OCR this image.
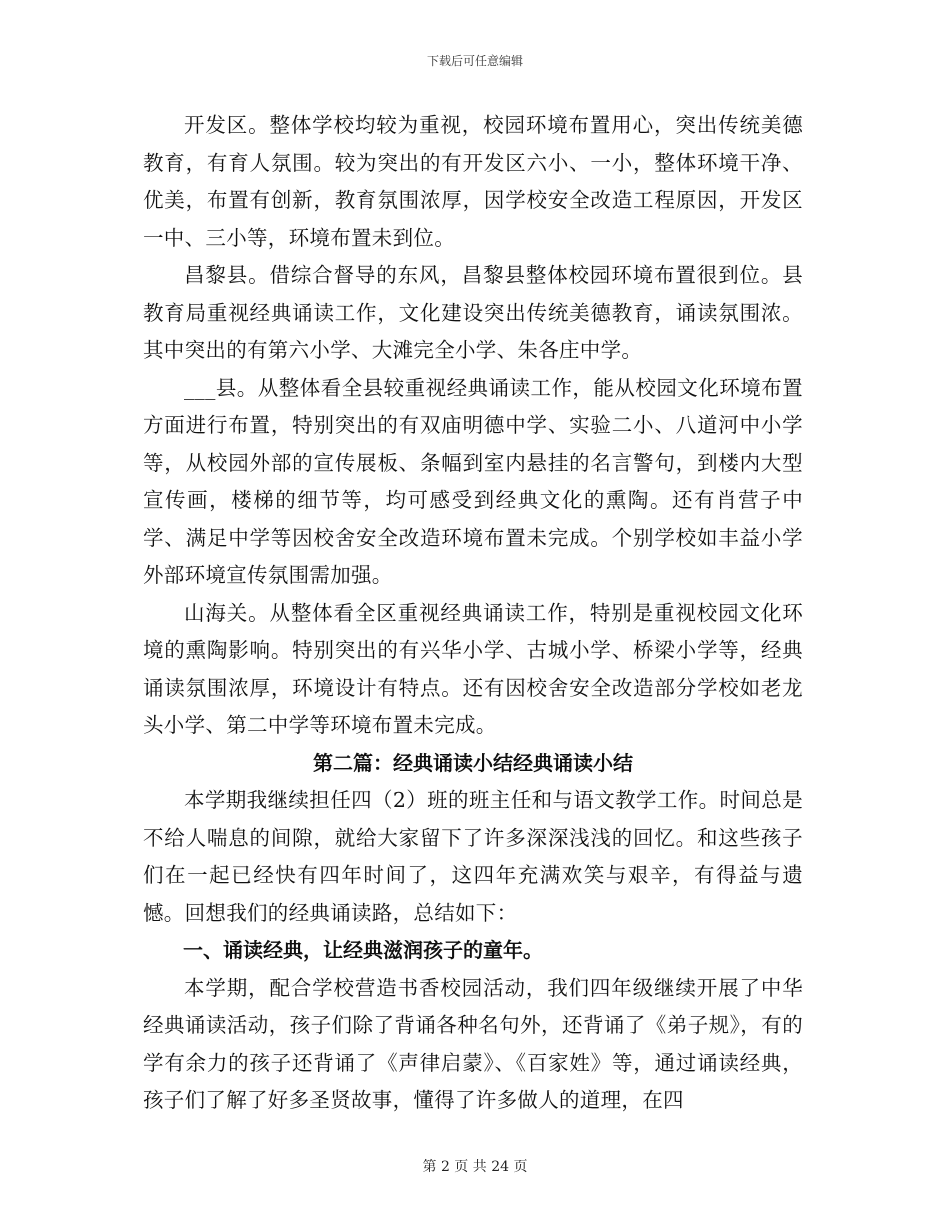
下载后可任意编辑

开发区。整体学校均较为重视，校园环境布置用心，突出传统美德教育，有育人氛围。较为突出的有开发区六小、一小，整体环境干净、优美，布置有创新，教育氛围浓厚，因学校安全改造工程原因，开发区一中、三小等，环境布置未到位。

昌黎县。借综合督导的东风，昌黎县整体校园环境布置很到位。县教育局重视经典诵读工作，文化建设突出传统美德教育，诵读氛围浓。其中突出的有第六小学、大滩完全小学、朱各庄中学。

___县。从整体看全县较重视经典诵读工作，能从校园文化环境布置方面进行布置，特别突出的有双庙明德中学、实验二小、八道河中小学等，从校园外部的宣传展板、条幅到室内悬挂的名言警句，到楼内大型宣传画，楼梯的细节等，均可感受到经典文化的熏陶。还有肖营子中学、满足中学等因校舍安全改造环境布置未完成。个别学校如丰益小学外部环境宣传氛围需加强。

山海关。从整体看全区重视经典诵读工作，特别是重视校园文化环境的熏陶影响。特别突出的有兴华小学、古城小学、桥梁小学等，经典诵读氛围浓厚，环境设计有特点。还有因校舍安全改造部分学校如老龙头小学、第二中学等环境布置未完成。

第二篇：经典诵读小结经典诵读小结

本学期我继续担任四（2）班的班主任和与语文教学工作。时间总是不给人喘息的间隙，就给大家留下了许多深深浅浅的回忆。和这些孩子们在一起已经快有四年时间了，这四年充满欢笑与艰辛，有得益与遗憾。回想我们的经典诵读路，总结如下：

一、诵读经典，让经典滋润孩子的童年。

本学期，配合学校营造书香校园活动，我们四年级继续开展了中华经典诵读活动，孩子们除了背诵各种名句外，还背诵了《弟子规》，有的学有余力的孩子还背诵了《声律启蒙》、《百家姓》等，通过诵读经典，孩子们了解了好多圣贤故事，懂得了许多做人的道理，在四

第 2 页 共 24 页
